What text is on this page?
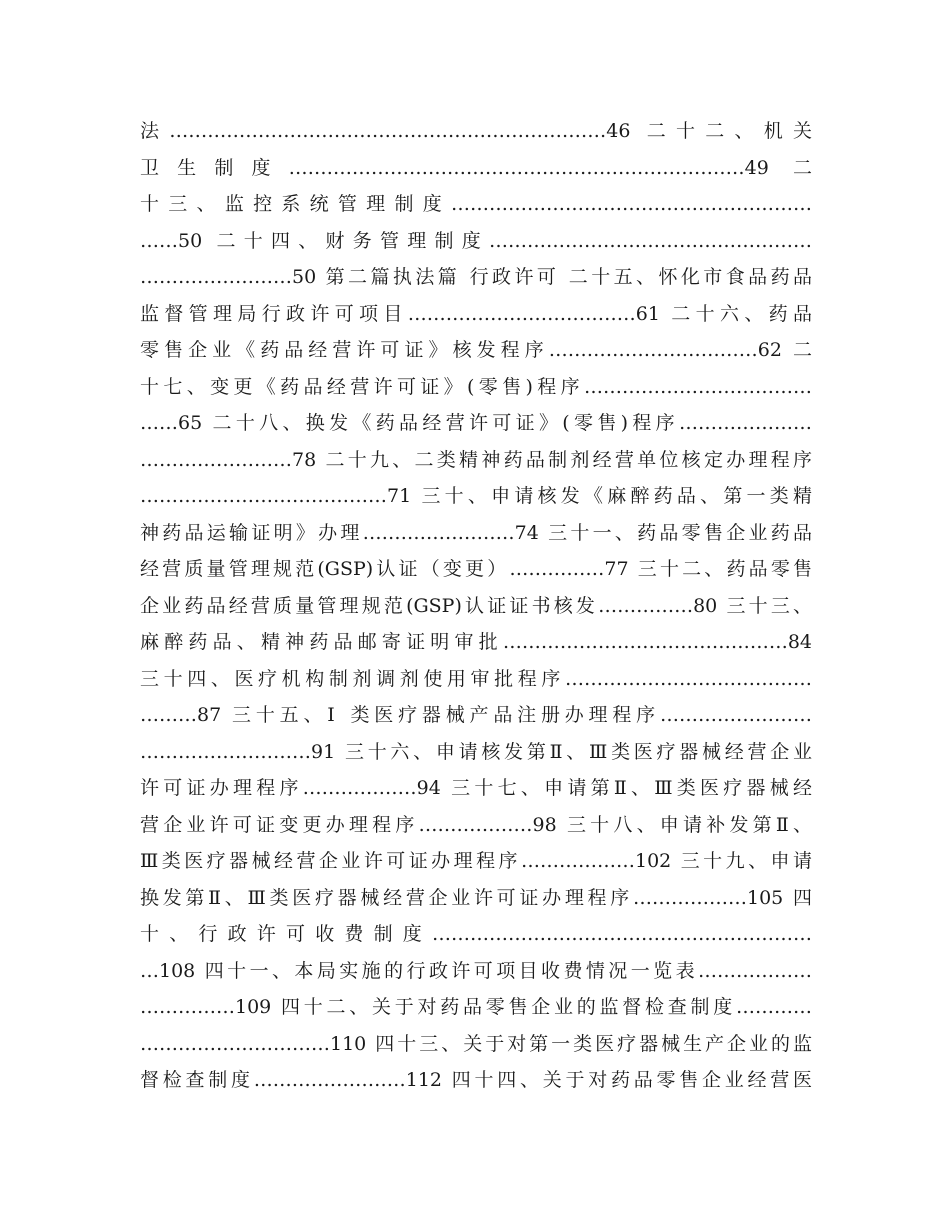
法……………………………………………………………46 二十二、机关
卫生制度………………………………………………………………49 二
十三、监控系统管理制度…………………………………………………
……50 二十四、财务管理制度……………………………………………
……………………50 第二篇执法篇 行政许可 二十五、怀化市食品药品
监督管理局行政许可项目………………………………61 二十六、药品
零售企业《药品经营许可证》核发程序……………………………62 二
十七、变更《药品经营许可证》(零售)程序………………………………
……65 二十八、换发《药品经营许可证》(零售)程序…………………
……………………78 二十九、二类精神药品制剂经营单位核定办理程序
…………………………………71 三十、申请核发《麻醉药品、第一类精
神药品运输证明》办理……………………74 三十一、药品零售企业药品
经营质量管理规范(GSP)认证（变更）……………77 三十二、药品零售
企业药品经营质量管理规范(GSP)认证证书核发……………80 三十三、
麻醉药品、精神药品邮寄证明审批………………………………………84
三十四、医疗机构制剂调剂使用审批程序…………………………………
………87 三十五、Ⅰ 类医疗器械产品注册办理程序……………………
………………………91 三十六、申请核发第Ⅱ、Ⅲ类医疗器械经营企业
许可证办理程序………………94 三十七、申请第Ⅱ、Ⅲ类医疗器械经
营企业许可证变更办理程序………………98 三十八、申请补发第Ⅱ、
Ⅲ类医疗器械经营企业许可证办理程序………………102 三十九、申请
换发第Ⅱ、Ⅲ类医疗器械经营企业许可证办理程序………………105 四
十、行政许可收费制度……………………………………………………
…108 四十一、本局实施的行政许可项目收费情况一览表………………
……………109 四十二、关于对药品零售企业的监督检查制度…………
…………………………110 四十三、关于对第一类医疗器械生产企业的监
督检查制度……………………112 四十四、关于对药品零售企业经营医
